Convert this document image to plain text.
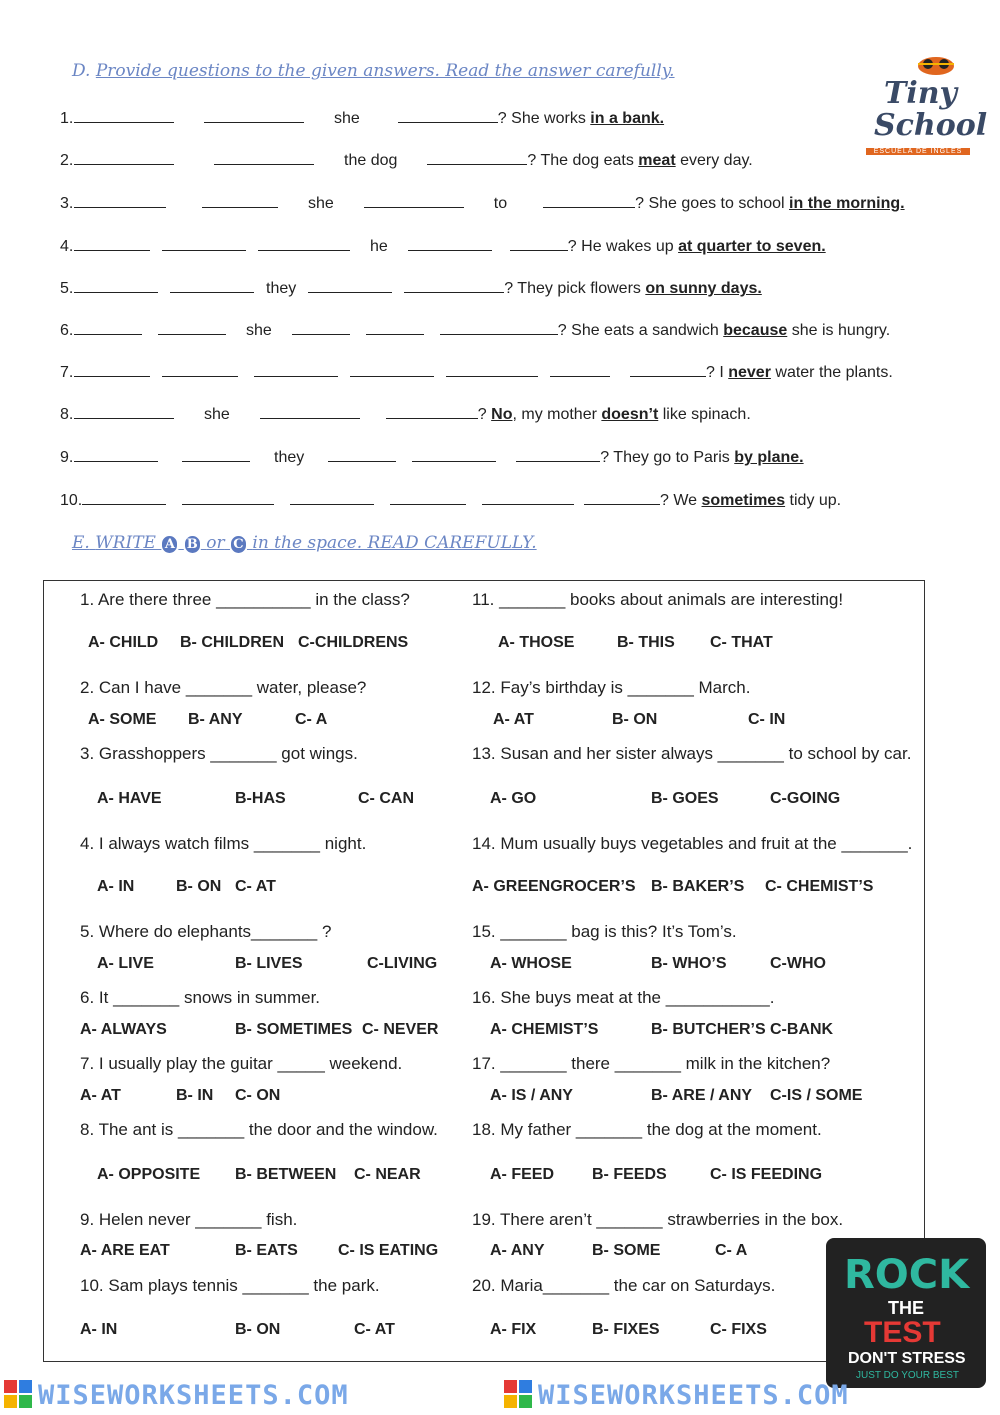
D. Provide questions to the given answers. Read the answer carefully.
1.	she	? She works in a bank.
2.	the dog	? The dog eats meat every day.
3.	she	to	? She goes to school in the morning.
4.	he	? He wakes up at quarter to seven.
5.	they	? They pick flowers on sunny days.
6.	she	? She eats a sandwich because she is hungry.
7.	? I never water the plants.
8.	she	? No, my mother doesn’t like spinach.
9.	they	? They go to Paris by plane.
10.	? We sometimes tidy up.
Tiny
School
ESCUELA DE INGLES
E. WRITE A B or C in the space. READ CAREFULLY.
1. Are there three __________ in the class?
A- CHILD B- CHILDREN C-CHILDRENS
2. Can I have _______ water, please?
A- SOME B- ANY	C- A
3. Grasshoppers _______ got wings.
A- HAVE	B-HAS	C- CAN
4. I always watch films _______ night.
A- IN	B- ON C- AT
5. Where do elephants_______ ?
A- LIVE	B- LIVES	C-LIVING
6. It _______ snows in summer.
A- ALWAYS	B- SOMETIMES C- NEVER
7. I usually play the guitar _____ weekend.
A- AT	B- IN C- ON
8. The ant is _______ the door and the window.
A- OPPOSITE B- BETWEEN C- NEAR
9. Helen never _______ fish.
A- ARE EAT	B- EATS	C- IS EATING
10. Sam plays tennis _______ the park.
A- IN	B- ON	C- AT
11. _______ books about animals are interesting!
A- THOSE	B- THIS C- THAT
12. Fay’s birthday is _______ March.
A- AT	B- ON	C- IN
13. Susan and her sister always _______ to school by car.
A- GO	B- GOES	C-GOING
14. Mum usually buys vegetables and fruit at the _______.
A- GREENGROCER’S B- BAKER’S C- CHEMIST’S
15. _______ bag is this? It’s Tom’s.
A- WHOSE	B- WHO’S	C-WHO
16. She buys meat at the ___________.
A- CHEMIST’S	B- BUTCHER’S C-BANK
17. _______ there _______ milk in the kitchen?
A- IS / ANY	B- ARE / ANY C-IS / SOME
18. My father _______ the dog at the moment.
A- FEED B- FEEDS	C- IS FEEDING
19. There aren’t _______ strawberries in the box.
A- ANY	B- SOME	C- A
20. Maria_______ the car on Saturdays.
A- FIX	B- FIXES	C- FIXS
ROCK
THE
TEST
DON'T STRESS
JUST DO YOUR BEST
WISEWORKSHEETS.COM	WISEWORKSHEETS.COM
